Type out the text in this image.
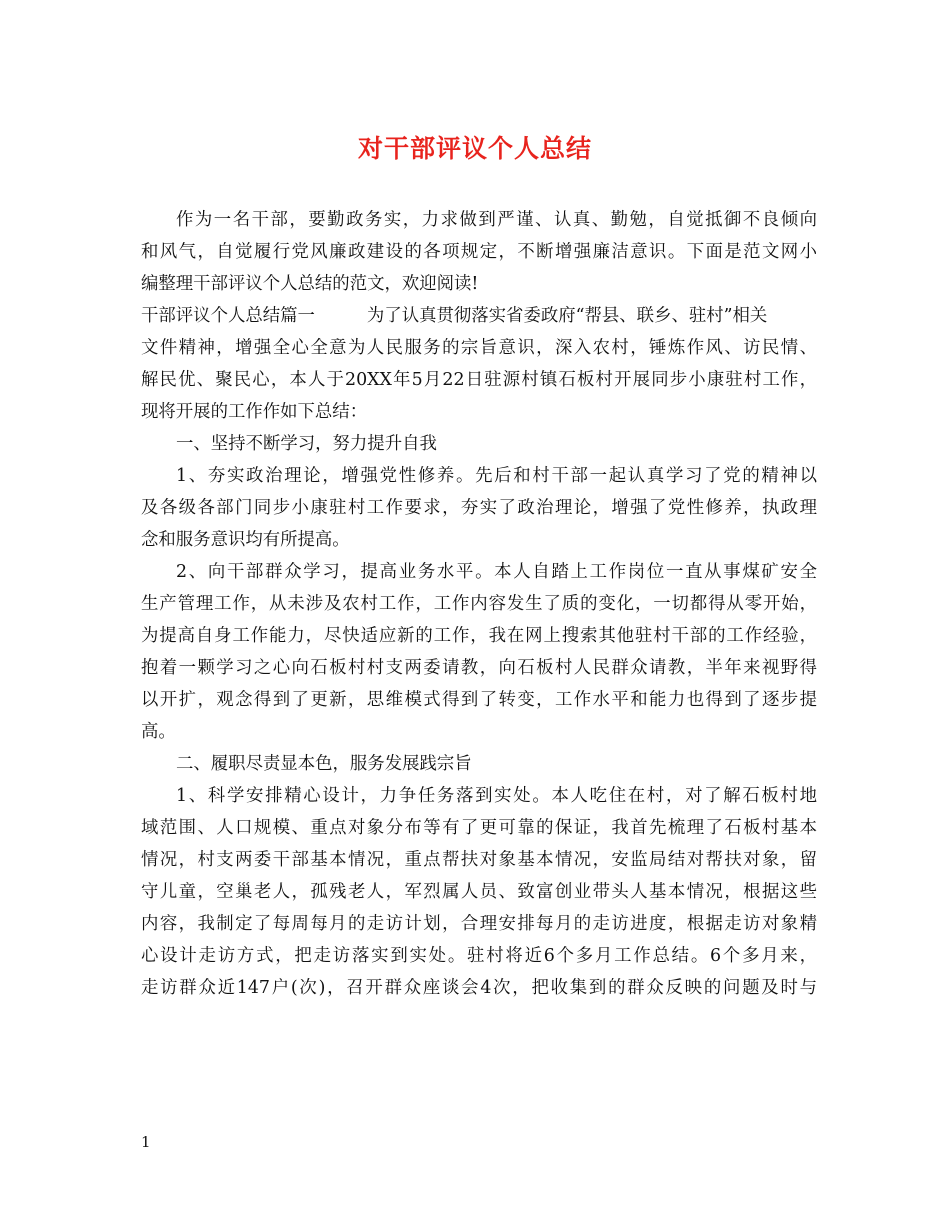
对干部评议个人总结
作为一名干部，要勤政务实，力求做到严谨、认真、勤勉，自觉抵御不良倾向
和风气，自觉履行党风廉政建设的各项规定，不断增强廉洁意识。下面是范文网小
编整理干部评议个人总结的范文，欢迎阅读!
干部评议个人总结篇一	为了认真贯彻落实省委政府“帮县、联乡、驻村”相关
文件精神，增强全心全意为人民服务的宗旨意识，深入农村，锤炼作风、访民情、
解民优、聚民心，本人于20XX年5月22日驻源村镇石板村开展同步小康驻村工作，
现将开展的工作作如下总结：
一、坚持不断学习，努力提升自我
1、夯实政治理论，增强党性修养。先后和村干部一起认真学习了党的精神以
及各级各部门同步小康驻村工作要求，夯实了政治理论，增强了党性修养，执政理
念和服务意识均有所提高。
2、向干部群众学习，提高业务水平。本人自踏上工作岗位一直从事煤矿安全
生产管理工作，从未涉及农村工作，工作内容发生了质的变化，一切都得从零开始，
为提高自身工作能力，尽快适应新的工作，我在网上搜索其他驻村干部的工作经验，
抱着一颗学习之心向石板村村支两委请教，向石板村人民群众请教，半年来视野得
以开扩，观念得到了更新，思维模式得到了转变，工作水平和能力也得到了逐步提
高。
二、履职尽责显本色，服务发展践宗旨
1、科学安排精心设计，力争任务落到实处。本人吃住在村，对了解石板村地
域范围、人口规模、重点对象分布等有了更可靠的保证，我首先梳理了石板村基本
情况，村支两委干部基本情况，重点帮扶对象基本情况，安监局结对帮扶对象，留
守儿童，空巢老人，孤残老人，军烈属人员、致富创业带头人基本情况，根据这些
内容，我制定了每周每月的走访计划，合理安排每月的走访进度，根据走访对象精
心设计走访方式，把走访落实到实处。驻村将近6个多月工作总结。6个多月来，
走访群众近147户(次)，召开群众座谈会4次，把收集到的群众反映的问题及时与
1
